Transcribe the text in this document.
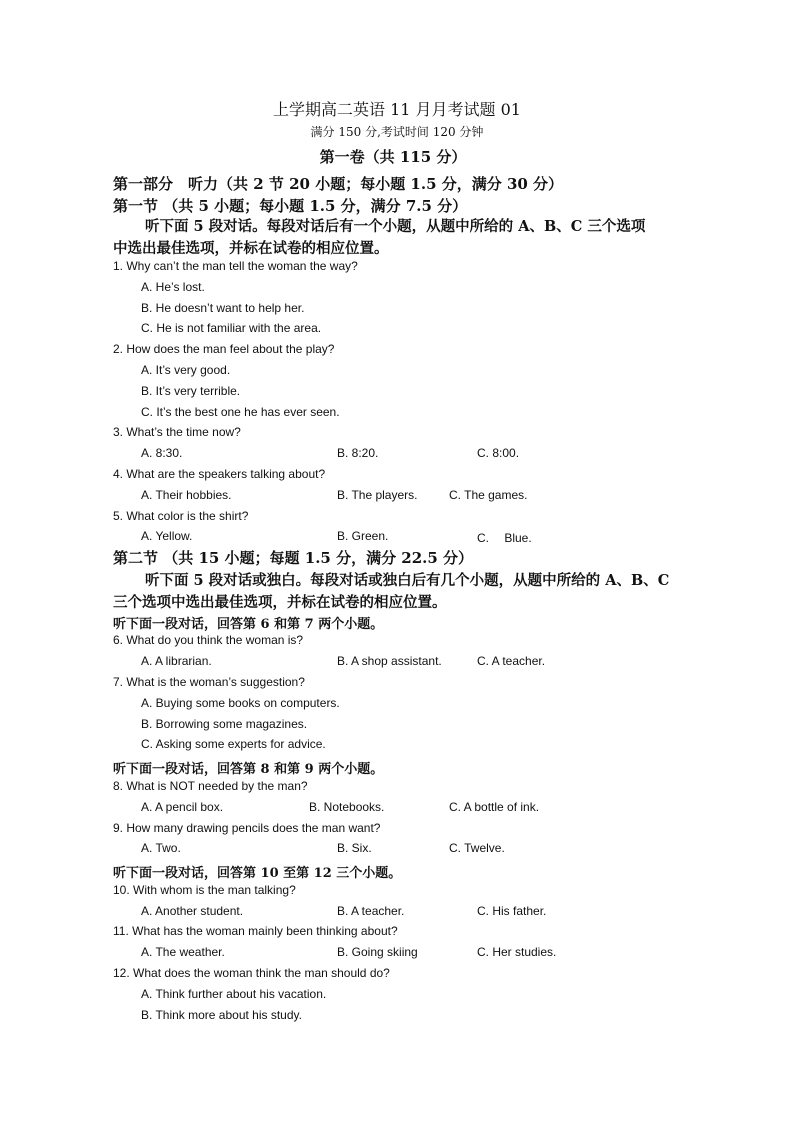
上学期高二英语 11 月月考试题 01
满分 150 分,考试时间 120 分钟
第一卷（共 115 分）
第一部分　听力（共 2 节 20 小题；每小题 1.5 分，满分 30 分）
第一节 （共 5 小题；每小题 1.5 分，满分 7.5 分）
听下面 5 段对话。每段对话后有一个小题，从题中所给的 A、B、C 三个选项
中选出最佳选项，并标在试卷的相应位置。
1. Why can’t the man tell the woman the way?
A. He’s lost.
B. He doesn’t want to help her.
C. He is not familiar with the area.
2. How does the man feel about the play?
A. It’s very good.
B. It’s very terrible.
C. It’s the best one he has ever seen.
3. What’s the time now?
A. 8:30.	B. 8:20.	C. 8:00.
4. What are the speakers talking about?
A. Their hobbies.	B. The players.	C. The games.
5. What color is the shirt?
A. Yellow.	B. Green.	C.　 Blue.
第二节 （共 15 小题；每题 1.5 分，满分 22.5 分）
听下面 5 段对话或独白。每段对话或独白后有几个小题，从题中所给的 A、B、C
三个选项中选出最佳选项，并标在试卷的相应位置。
听下面一段对话，回答第 6 和第 7 两个小题。
6. What do you think the woman is?
A. A librarian.	B. A shop assistant.	C. A teacher.
7. What is the woman’s suggestion?
A. Buying some books on computers.
B. Borrowing some magazines.
C. Asking some experts for advice.
听下面一段对话，回答第 8 和第 9 两个小题。
8. What is NOT needed by the man?
A. A pencil box.	B. Notebooks.	C. A bottle of ink.
9. How many drawing pencils does the man want?
A. Two.	B. Six.	C. Twelve.
听下面一段对话，回答第 10 至第 12 三个小题。
10. With whom is the man talking?
A. Another student.	B. A teacher.	C. His father.
11. What has the woman mainly been thinking about?
A. The weather.	B. Going skiing	C. Her studies.
12. What does the woman think the man should do?
A. Think further about his vacation.
B. Think more about his study.
